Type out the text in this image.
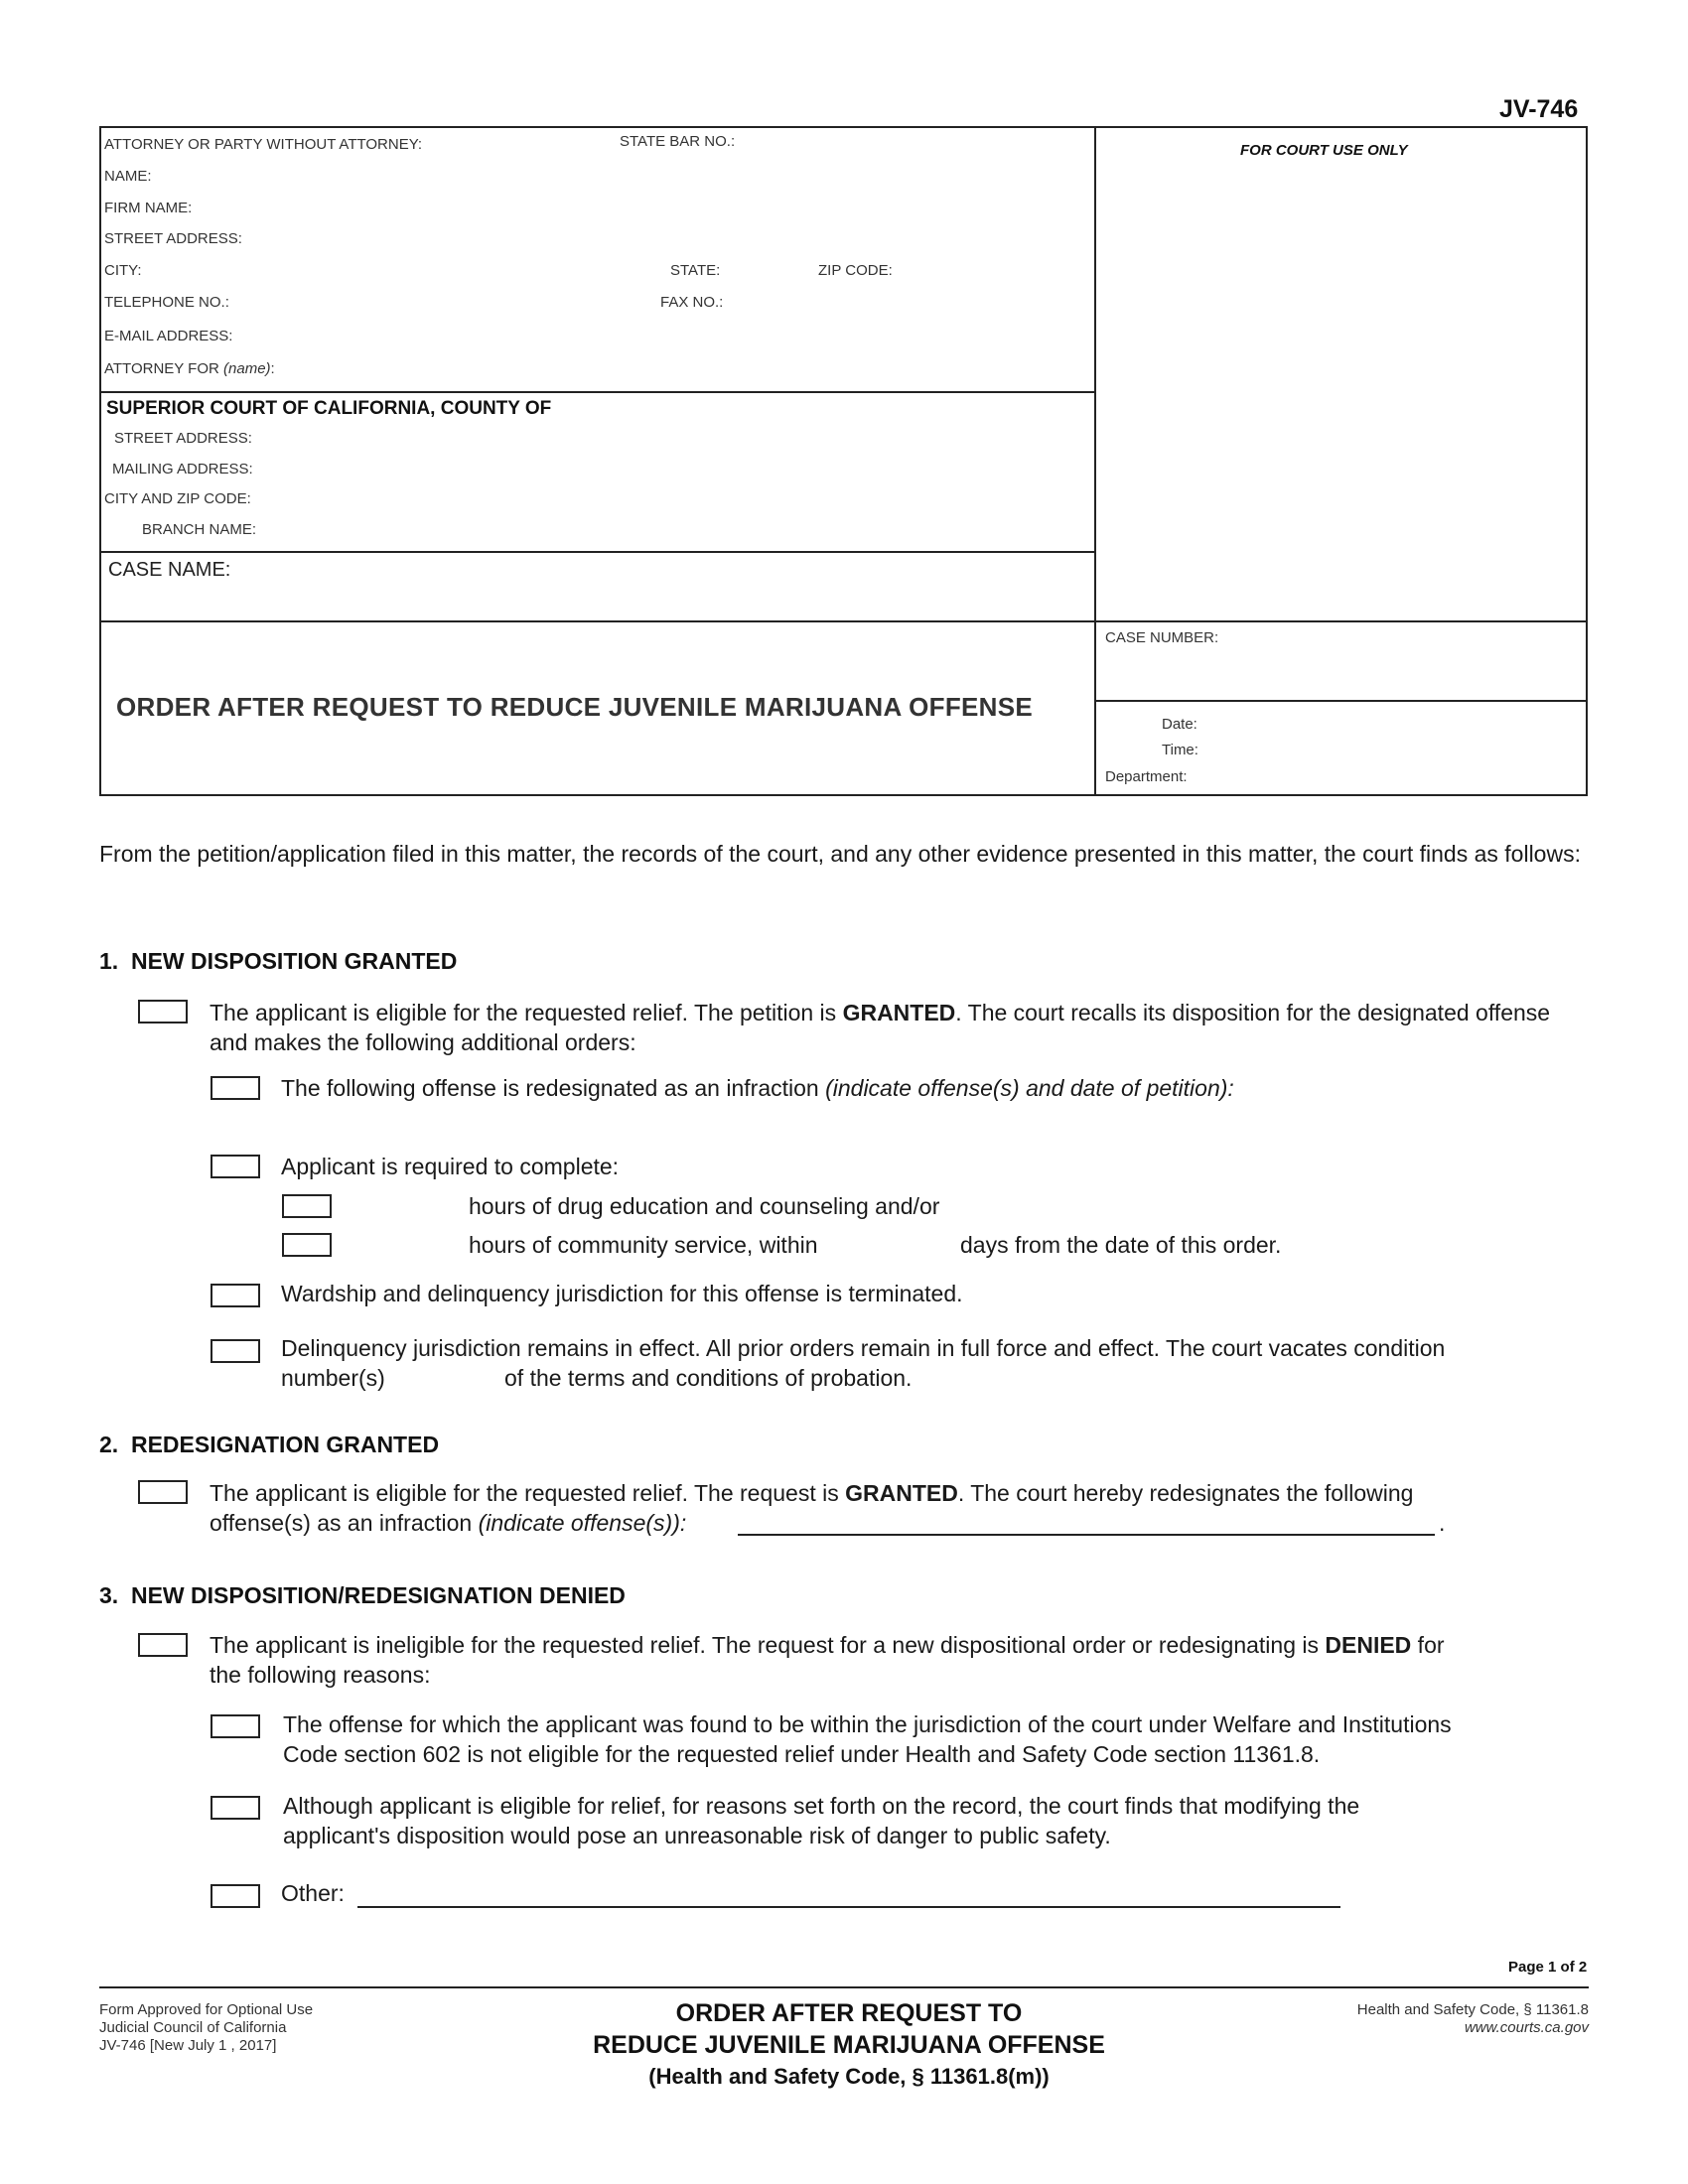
JV-746
ATTORNEY OR PARTY WITHOUT ATTORNEY:	STATE BAR NO.:
NAME:
FIRM NAME:
STREET ADDRESS:
CITY:	STATE:	ZIP CODE:
TELEPHONE NO.:	FAX NO.:
E-MAIL ADDRESS:
ATTORNEY FOR (name):
SUPERIOR COURT OF CALIFORNIA, COUNTY OF
STREET ADDRESS:
MAILING ADDRESS:
CITY AND ZIP CODE:
BRANCH NAME:
CASE NAME:
FOR COURT USE ONLY
CASE NUMBER:
Date:
Time:
Department:
ORDER AFTER REQUEST TO REDUCE JUVENILE MARIJUANA OFFENSE
From the petition/application filed in this matter, the records of the court, and any other evidence presented in this matter, the court finds as follows:
1. NEW DISPOSITION GRANTED
The applicant is eligible for the requested relief. The petition is GRANTED. The court recalls its disposition for the designated offense and makes the following additional orders:
The following offense is redesignated as an infraction (indicate offense(s) and date of petition):
Applicant is required to complete:
hours of drug education and counseling and/or
hours of community service, within	days from the date of this order.
Wardship and delinquency jurisdiction for this offense is terminated.
Delinquency jurisdiction remains in effect. All prior orders remain in full force and effect. The court vacates condition
number(s)	of the terms and conditions of probation.
2. REDESIGNATION GRANTED
The applicant is eligible for the requested relief. The request is GRANTED. The court hereby redesignates the following
offense(s) as an infraction (indicate offense(s)):	.
3. NEW DISPOSITION/REDESIGNATION DENIED
The applicant is ineligible for the requested relief. The request for a new dispositional order or redesignating is DENIED for
the following reasons:
The offense for which the applicant was found to be within the jurisdiction of the court under Welfare and Institutions
Code section 602 is not eligible for the requested relief under Health and Safety Code section 11361.8.
Although applicant is eligible for relief, for reasons set forth on the record, the court finds that modifying the
applicant's disposition would pose an unreasonable risk of danger to public safety.
Other:
Page 1 of 2
Form Approved for Optional Use
Judicial Council of California
JV-746 [New July 1 , 2017]
ORDER AFTER REQUEST TO
REDUCE JUVENILE MARIJUANA OFFENSE
(Health and Safety Code, § 11361.8(m))
Health and Safety Code, § 11361.8
www.courts.ca.gov
